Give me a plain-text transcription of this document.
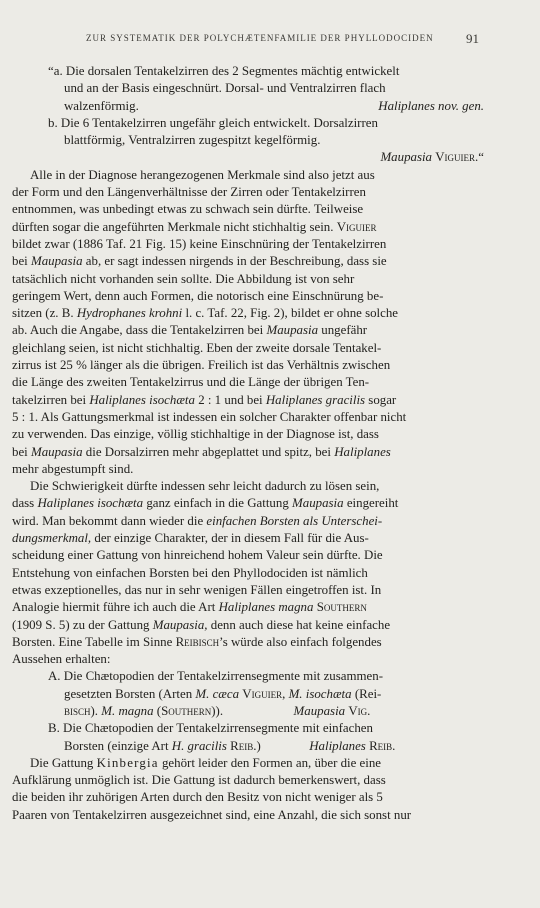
ZUR SYSTEMATIK DER POLYCHÆTENFAMILIE DER PHYLLODOCIDEN	91
“a. Die dorsalen Tentakelzirren des 2 Segmentes mächtig entwickelt
und an der Basis eingeschnürt. Dorsal- und Ventralzirren flach
walzenförmig.	Haliplanes nov. gen.
b. Die 6 Tentakelzirren ungefähr gleich entwickelt. Dorsalzirren
blattförmig, Ventralzirren zugespitzt kegelförmig.
Maupasia Viguier.“
Alle in der Diagnose herangezogenen Merkmale sind also jetzt aus
der Form und den Längenverhältnisse der Zirren oder Tentakelzirren
entnommen, was unbedingt etwas zu schwach sein dürfte. Teilweise
dürften sogar die angeführten Merkmale nicht stichhaltig sein. Viguier
bildet zwar (1886 Taf. 21 Fig. 15) keine Einschnüring der Tentakelzirren
bei Maupasia ab, er sagt indessen nirgends in der Beschreibung, dass sie
tatsächlich nicht vorhanden sein sollte. Die Abbildung ist von sehr
geringem Wert, denn auch Formen, die notorisch eine Einschnürung be-
sitzen (z. B. Hydrophanes krohni l. c. Taf. 22, Fig. 2), bildet er ohne solche
ab. Auch die Angabe, dass die Tentakelzirren bei Maupasia ungefähr
gleichlang seien, ist nicht stichhaltig. Eben der zweite dorsale Tentakel-
zirrus ist 25 % länger als die übrigen. Freilich ist das Verhältnis zwischen
die Länge des zweiten Tentakelzirrus und die Länge der übrigen Ten-
takelzirren bei Haliplanes isochæta 2 : 1 und bei Haliplanes gracilis sogar
5 : 1. Als Gattungsmerkmal ist indessen ein solcher Charakter offenbar nicht
zu verwenden. Das einzige, völlig stichhaltige in der Diagnose ist, dass
bei Maupasia die Dorsalzirren mehr abgeplattet und spitz, bei Haliplanes
mehr abgestumpft sind.
Die Schwierigkeit dürfte indessen sehr leicht dadurch zu lösen sein,
dass Haliplanes isochæta ganz einfach in die Gattung Maupasia eingereiht
wird. Man bekommt dann wieder die einfachen Borsten als Unterschei-
dungsmerkmal, der einzige Charakter, der in diesem Fall für die Aus-
scheidung einer Gattung von hinreichend hohem Valeur sein dürfte. Die
Entstehung von einfachen Borsten bei den Phyllodociden ist nämlich
etwas exzeptionelles, das nur in sehr wenigen Fällen eingetroffen ist. In
Analogie hiermit führe ich auch die Art Haliplanes magna Southern
(1909 S. 5) zu der Gattung Maupasia, denn auch diese hat keine einfache
Borsten. Eine Tabelle im Sinne Reibisch’s würde also einfach folgendes
Aussehen erhalten:
A. Die Chætopodien der Tentakelzirrensegmente mit zusammen-
gesetzten Borsten (Arten M. cæca Viguier, M. isochæta (Rei-
bisch). M. magna (Southern)).	Maupasia Vig.
B. Die Chætopodien der Tentakelzirrensegmente mit einfachen
Borsten (einzige Art H. gracilis Reib.)	Haliplanes Reib.
Die Gattung Kinbergia gehört leider den Formen an, über die eine
Aufklärung unmöglich ist. Die Gattung ist dadurch bemerkenswert, dass
die beiden ihr zuhörigen Arten durch den Besitz von nicht weniger als 5
Paaren von Tentakelzirren ausgezeichnet sind, eine Anzahl, die sich sonst nur
